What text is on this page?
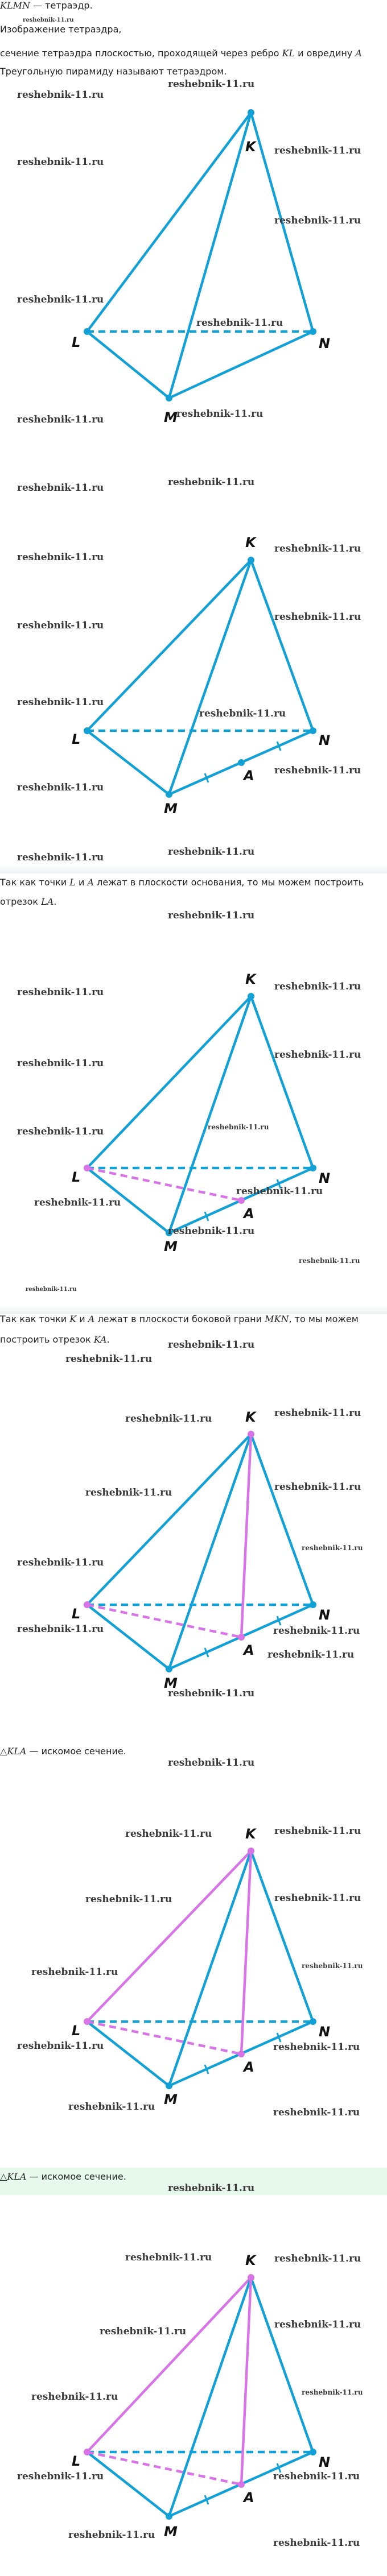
KLMN — тетраэдр.
reshebnik-11.ru
Изображение тетраэдра,
сечение тетраэдра плоскостью, проходящей через ребро KL и овредину A
Треугольную пирамиду называют тетраэдром.
K
L
M
N
reshebnik-11.ru
reshebnik-11.ru
reshebnik-11.ru
reshebnik-11.ru
reshebnik-11.ru
reshebnik-11.ru
reshebnik-11.ru
reshebnik-11.ru
reshebnik-11.ru
reshebnik-11.ru	reshebnik-11.ru
K
L
M
N
A
reshebnik-11.ru
reshebnik-11.ru
reshebnik-11.ru
reshebnik-11.ru
reshebnik-11.ru
reshebnik-11.ru
reshebnik-11.ru
reshebnik-11.ru
reshebnik-11.ru
reshebnik-11.ru
Так как точки L и A лежат в плоскости основания, то мы можем построить
отрезок LA.
reshebnik-11.ru
K
L
M
N
A
reshebnik-11.ru	reshebnik-11.ru
reshebnik-11.ru
reshebnik-11.ru
reshebnik-11.ru
reshebnik-11.ru
reshebnik-11.ru
reshebnik-11.ru
reshebnik-11.ru
reshebnik-11.ru
reshebnik-11.ru
Так как точки K и A лежат в плоскости боковой грани MKN, то мы можем
построить отрезок KA.	reshebnik-11.ru
reshebnik-11.ru
K
L
M
N
A
reshebnik-11.ru	reshebnik-11.ru
reshebnik-11.ru	reshebnik-11.ru
reshebnik-11.ru
reshebnik-11.ru
reshebnik-11.ru	reshebnik-11.ru
reshebnik-11.ru
reshebnik-11.ru
△KLA — искомое сечение.
reshebnik-11.ru
K
L
M
N
A
reshebnik-11.ru	reshebnik-11.ru
reshebnik-11.ru	reshebnik-11.ru
reshebnik-11.ru
reshebnik-11.ru
reshebnik-11.ru	reshebnik-11.ru
reshebnik-11.ru	reshebnik-11.ru
△KLA — искомое сечение.
reshebnik-11.ru
K
L
M
N
A
reshebnik-11.ru	reshebnik-11.ru
reshebnik-11.ru
reshebnik-11.ru
reshebnik-11.ru	reshebnik-11.ru
reshebnik-11.ru	reshebnik-11.ru
reshebnik-11.ru
reshebnik-11.ru
